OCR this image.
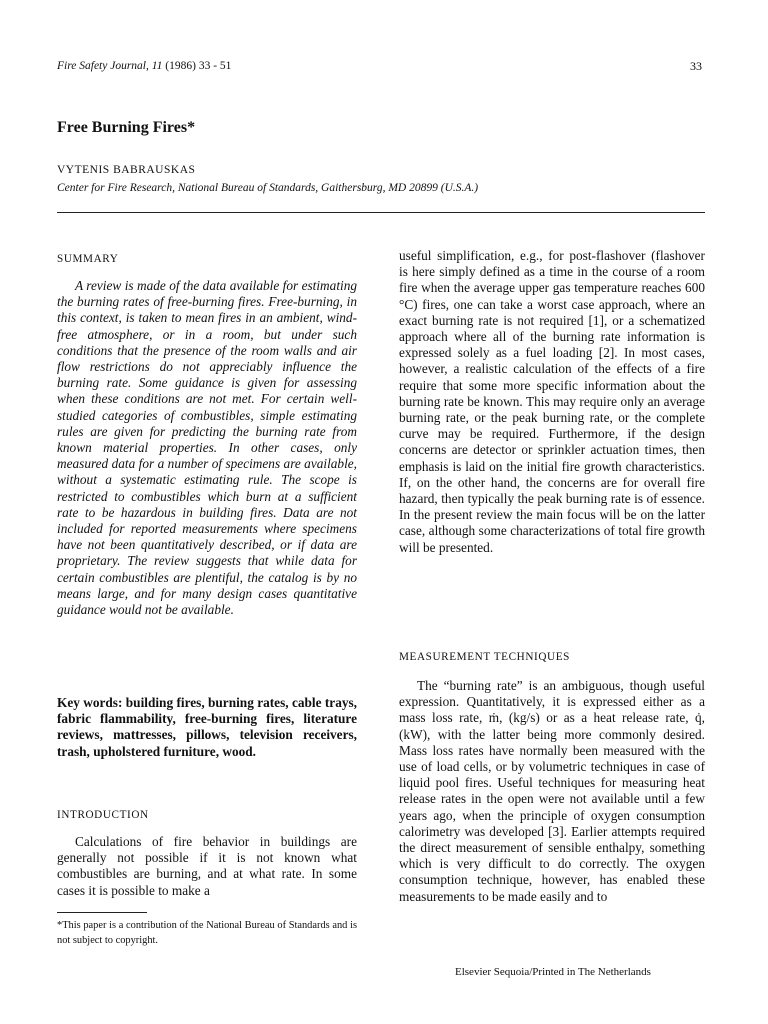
Fire Safety Journal, 11 (1986) 33 - 51	33
Free Burning Fires*
VYTENIS BABRAUSKAS
Center for Fire Research, National Bureau of Standards, Gaithersburg, MD 20899 (U.S.A.)
SUMMARY

A review is made of the data available for estimating the burning rates of free-burning fires. Free-burning, in this context, is taken to mean fires in an ambient, wind-free atmosphere, or in a room, but under such conditions that the presence of the room walls and air flow restrictions do not appreciably influence the burning rate. Some guidance is given for assessing when these conditions are not met. For certain well-studied categories of combustibles, simple estimating rules are given for predicting the burning rate from known material properties. In other cases, only measured data for a number of specimens are available, without a systematic estimating rule. The scope is restricted to combustibles which burn at a sufficient rate to be hazardous in building fires. Data are not included for reported measurements where specimens have not been quantitatively described, or if data are proprietary. The review suggests that while data for certain combustibles are plentiful, the catalog is by no means large, and for many design cases quantitative guidance would not be available.

Key words: building fires, burning rates, cable trays, fabric flammability, free-burning fires, literature reviews, mattresses, pillows, television receivers, trash, upholstered furniture, wood.

INTRODUCTION

Calculations of fire behavior in buildings are generally not possible if it is not known what combustibles are burning, and at what rate. In some cases it is possible to make a

*This paper is a contribution of the National Bureau of Standards and is not subject to copyright.

useful simplification, e.g., for post-flashover (flashover is here simply defined as a time in the course of a room fire when the average upper gas temperature reaches 600 °C) fires, one can take a worst case approach, where an exact burning rate is not required [1], or a schematized approach where all of the burning rate information is expressed solely as a fuel loading [2]. In most cases, however, a realistic calculation of the effects of a fire require that some more specific information about the burning rate be known. This may require only an average burning rate, or the peak burning rate, or the complete curve may be required. Furthermore, if the design concerns are detector or sprinkler actuation times, then emphasis is laid on the initial fire growth characteristics. If, on the other hand, the concerns are for overall fire hazard, then typically the peak burning rate is of essence. In the present review the main focus will be on the latter case, although some characterizations of total fire growth will be presented.

MEASUREMENT TECHNIQUES

The “burning rate” is an ambiguous, though useful expression. Quantitatively, it is expressed either as a mass loss rate, ṁ, (kg/s) or as a heat release rate, q̇, (kW), with the latter being more commonly desired. Mass loss rates have normally been measured with the use of load cells, or by volumetric techniques in case of liquid pool fires. Useful techniques for measuring heat release rates in the open were not available until a few years ago, when the principle of oxygen consumption calorimetry was developed [3]. Earlier attempts required the direct measurement of sensible enthalpy, something which is very difficult to do correctly. The oxygen consumption technique, however, has enabled these measurements to be made easily and to

Elsevier Sequoia/Printed in The Netherlands
